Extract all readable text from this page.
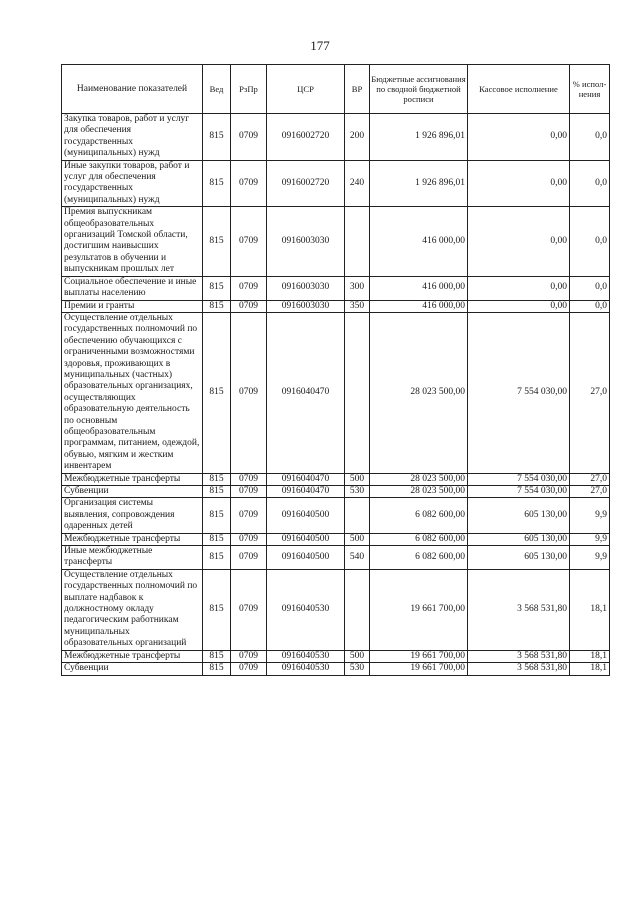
177
Наименование показателей	Вед	РзПр	ЦСР	ВР	Бюджетные ассигнования по сводной бюджетной росписи	Кассовое исполнение	% испол-нения
Закупка товаров, работ и услуг для обеспечения государственных (муниципальных) нужд	815	0709	0916002720	200	1 926 896,01	0,00	0,0
Иные закупки товаров, работ и услуг для обеспечения государственных (муниципальных) нужд	815	0709	0916002720	240	1 926 896,01	0,00	0,0
Премия выпускникам общеобразовательных организаций Томской области, достигшим наивысших результатов в обучении и выпускникам прошлых лет	815	0709	0916003030		416 000,00	0,00	0,0
Социальное обеспечение и иные выплаты населению	815	0709	0916003030	300	416 000,00	0,00	0,0
Премии и гранты	815	0709	0916003030	350	416 000,00	0,00	0,0
Осуществление отдельных государственных полномочий по обеспечению обучающихся с ограниченными возможностями здоровья, проживающих в муниципальных (частных) образовательных организациях, осуществляющих образовательную деятельность по основным общеобразовательным программам, питанием, одеждой, обувью, мягким и жестким инвентарем	815	0709	0916040470		28 023 500,00	7 554 030,00	27,0
Межбюджетные трансферты	815	0709	0916040470	500	28 023 500,00	7 554 030,00	27,0
Субвенции	815	0709	0916040470	530	28 023 500,00	7 554 030,00	27,0
Организация системы выявления, сопровождения одаренных детей	815	0709	0916040500		6 082 600,00	605 130,00	9,9
Межбюджетные трансферты	815	0709	0916040500	500	6 082 600,00	605 130,00	9,9
Иные межбюджетные трансферты	815	0709	0916040500	540	6 082 600,00	605 130,00	9,9
Осуществление отдельных государственных полномочий по выплате надбавок к должностному окладу педагогическим работникам муниципальных образовательных организаций	815	0709	0916040530		19 661 700,00	3 568 531,80	18,1
Межбюджетные трансферты	815	0709	0916040530	500	19 661 700,00	3 568 531,80	18,1
Субвенции	815	0709	0916040530	530	19 661 700,00	3 568 531,80	18,1
